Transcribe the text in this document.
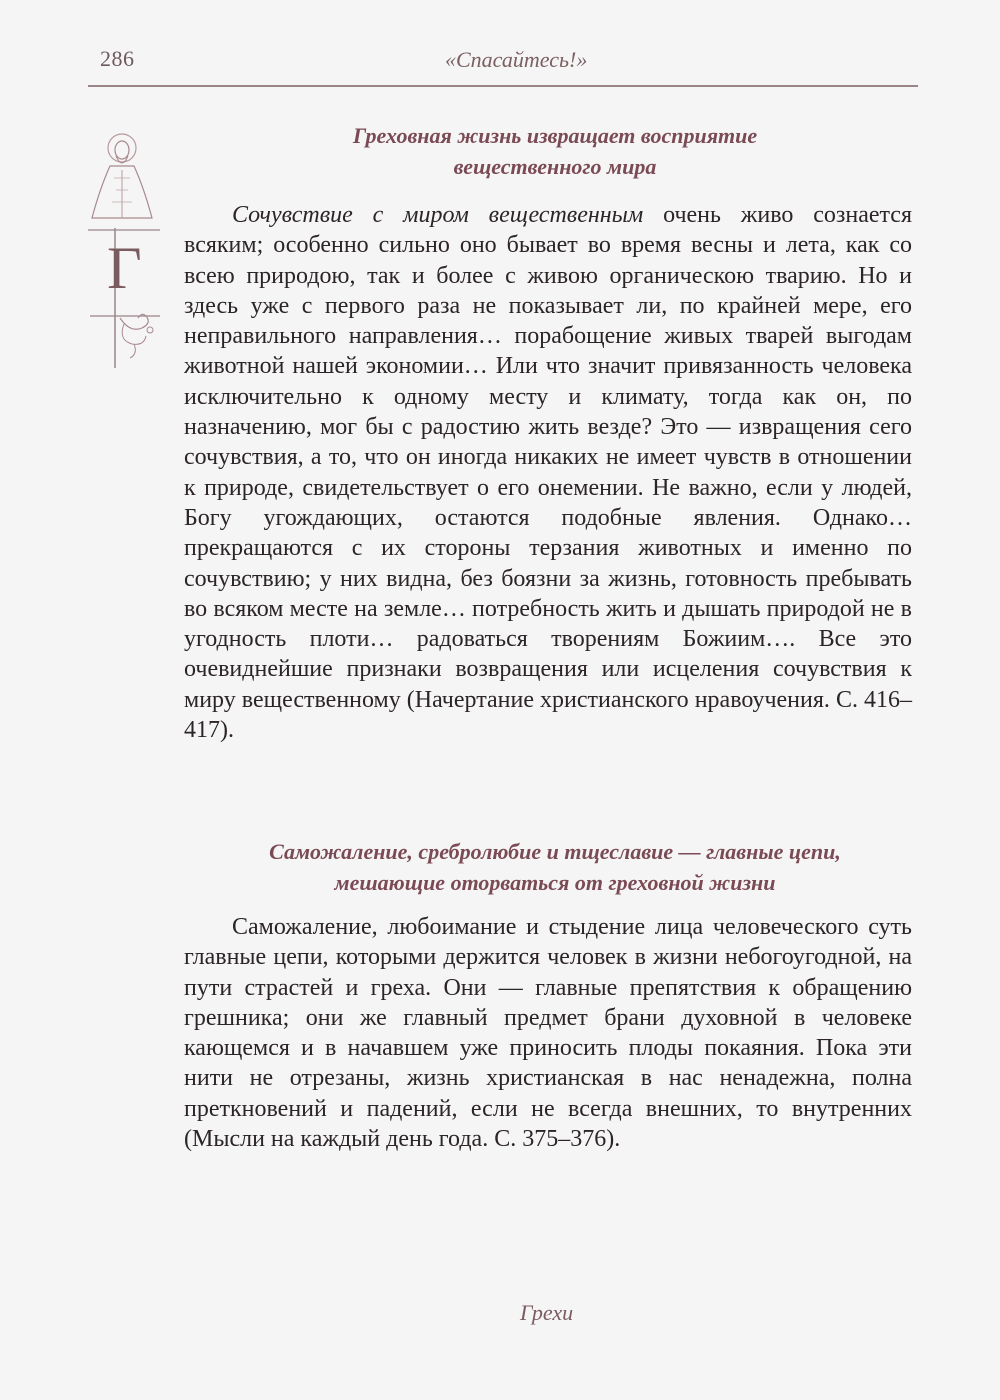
286	«Спасайтесь!»
Г
Греховная жизнь извращает восприятие
вещественного мира

Сочувствие с миром вещественным очень живо сознается всяким; особенно сильно оно бывает во время весны и лета, как со всею природою, так и более с живою органическою тварию. Но и здесь уже с первого раза не показывает ли, по крайней мере, его неправильного направления… порабощение живых тварей выгодам животной нашей экономии… Или что значит привязанность человека исключительно к одному месту и климату, тогда как он, по назначению, мог бы с радостию жить везде? Это — извращения сего сочувствия, а то, что он иногда никаких не имеет чувств в отношении к природе, свидетельствует о его онемении. Не важно, если у людей, Богу угождающих, остаются подобные явления. Однако… прекращаются с их стороны терзания животных и именно по сочувствию; у них видна, без боязни за жизнь, готовность пребывать во всяком месте на земле… потребность жить и дышать природой не в угодность плоти… радоваться творениям Божиим…. Все это очевиднейшие признаки возвращения или исцеления сочувствия к миру вещественному (Начертание христианского нравоучения. С. 416–417).

Саможаление, сребролюбие и тщеславие — главные цепи,
мешающие оторваться от греховной жизни

Саможаление, любоимание и стыдение лица человеческого суть главные цепи, которыми держится человек в жизни небогоугодной, на пути страстей и греха. Они — главные препятствия к обращению грешника; они же главный предмет брани духовной в человеке кающемся и в начавшем уже приносить плоды покаяния. Пока эти нити не отрезаны, жизнь христианская в нас ненадежна, полна преткновений и падений, если не всегда внешних, то внутренних (Мысли на каждый день года. С. 375–376).

Грехи
